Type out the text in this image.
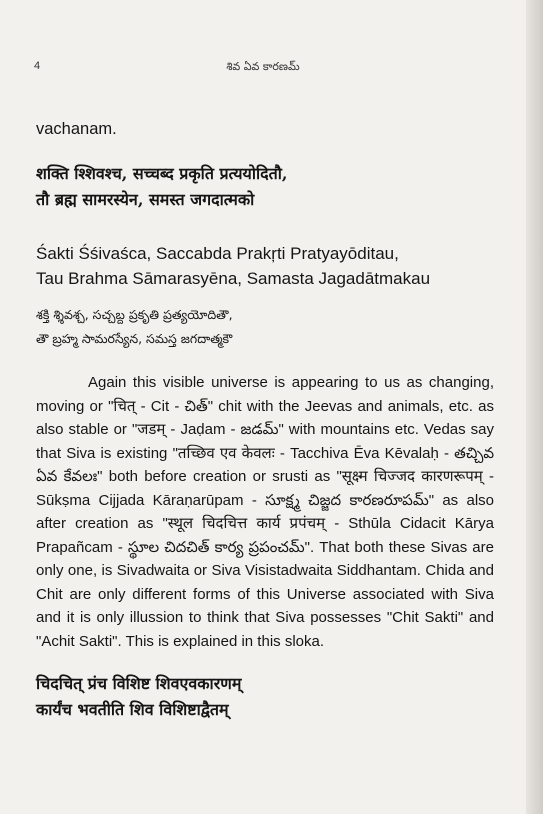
4	శివ ఏవ కారణమ్

vachanam.

शक्ति श्शिवश्च, सच्चब्द प्रकृति प्रत्ययोदितौ,
तौ ब्रह्म सामरस्येन, समस्त जगदात्मको
Śakti Śśivaśca, Saccabda Prakŗti Pratyayōditau,
Tau Brahma Sāmarasyēna, Samasta Jagadātmakau
శక్తి శ్శివశ్చ, సచ్చబ్ద ప్రకృతి ప్రత్యయోదితౌ,
తౌ బ్రహ్మ సామరస్యేన, సమస్త జగదాత్మకౌ

Again this visible universe is appearing to us as changing, moving or "चित् - Cit - చిత్" chit with the Jeevas and animals, etc. as also stable or "जडम् - Jaḍam - జడమ్" with mountains etc. Vedas say that Siva is existing "तच्छिव एव केवलः - Tacchiva Ēva Kēvalaḥ - తచ్చివ ఏవ కేవలః" both before creation or srusti as "सूक्ष्म चिज्जद कारणरूपम् - Sūkṣma Cijjada Kāraṇarūpam - సూక్ష్మ చిజ్జద కారణరూపమ్" as also after creation as "स्थूल चिदचित्त कार्य प्रपंचम् - Sthūla Cidacit Kārya Prapañcam - స్థూల చిదచిత్ కార్య ప్రపంచమ్". That both these Sivas are only one, is Sivadwaita or Siva Visistadwaita Siddhantam. Chida and Chit are only different forms of this Universe associated with Siva and it is only illussion to think that Siva possesses "Chit Sakti" and "Achit Sakti". This is explained in this sloka.

चिदचित् प्रंच विशिष्ट शिवएवकारणम्
कार्यंच भवतीति शिव विशिष्टाद्वैतम्
